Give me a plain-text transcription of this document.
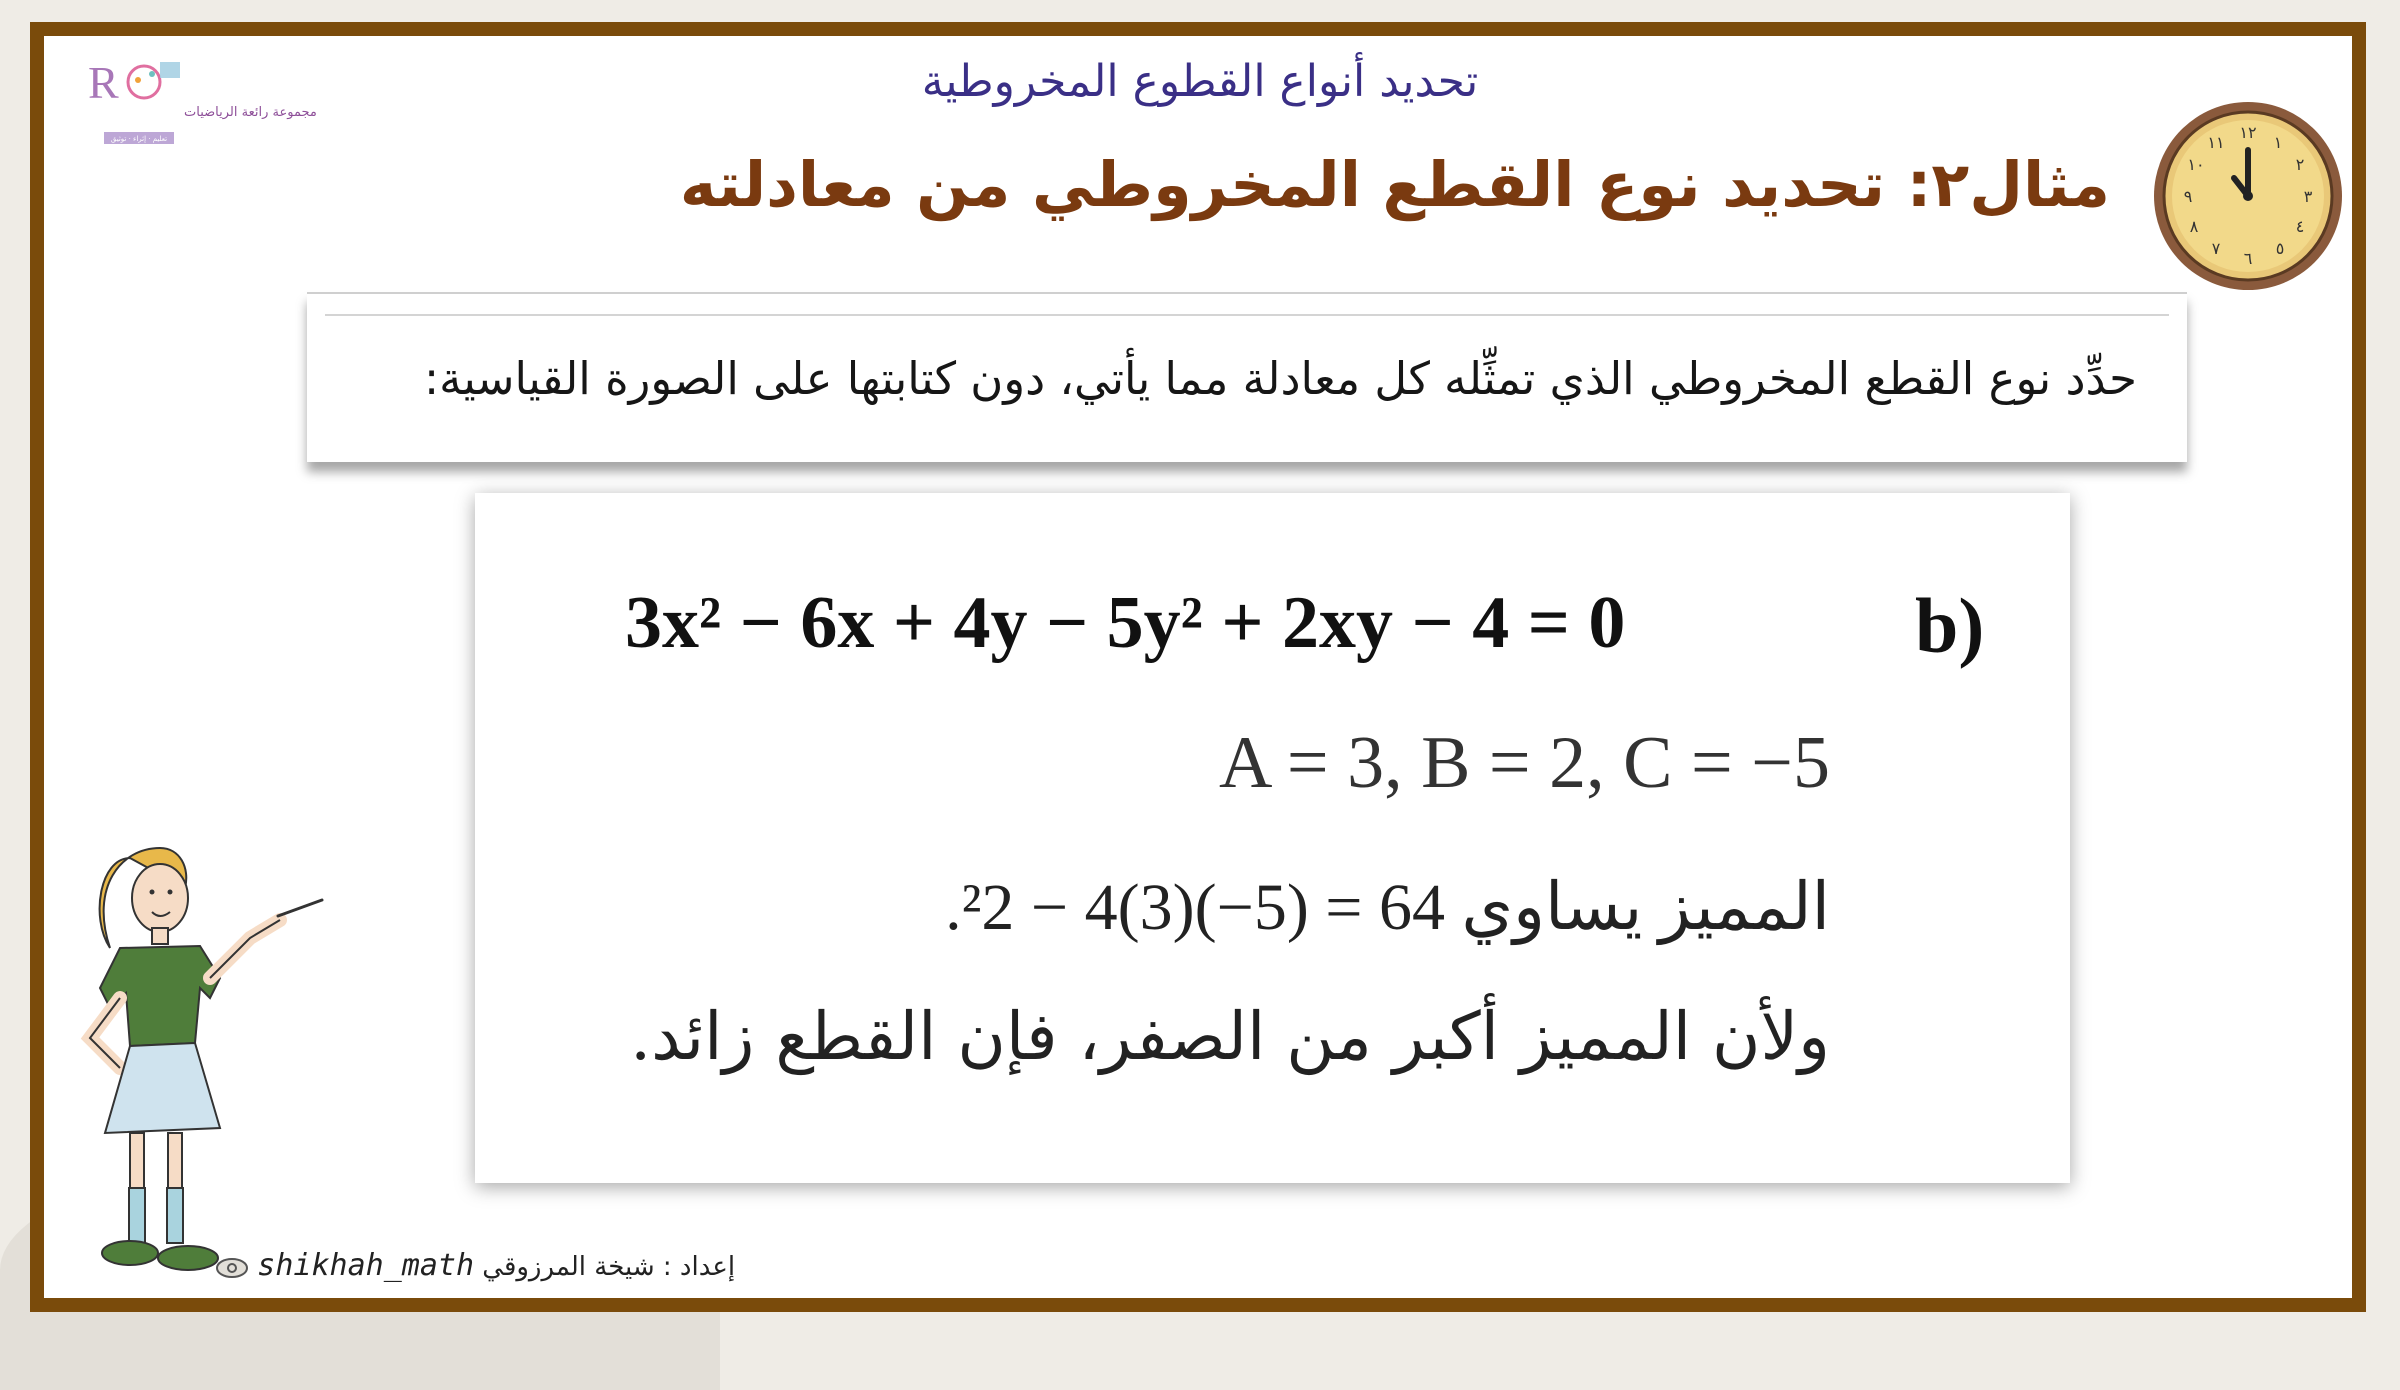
R
مجموعة رائعة الرياضيات
تعليم · إثراء · توثيق
تحديد أنواع القطوع المخروطية
مثال٢: تحديد نوع القطع المخروطي من معادلته
١٢
١
٢
٣
٤
٥
٦
٧
٨
٩
١٠
١١
حدِّد نوع القطع المخروطي الذي تمثِّله كل معادلة مما يأتي، دون كتابتها على الصورة القياسية:
b)
3x² − 6x + 4y − 5y² + 2xy − 4 = 0
A = 3, B = 2, C = −5
المميز يساوي 64 = (5−)(3)4 − ²2.
ولأن المميز أكبر من الصفر، فإن القطع زائد.
shikhah_math إعداد : شيخة المرزوقي
